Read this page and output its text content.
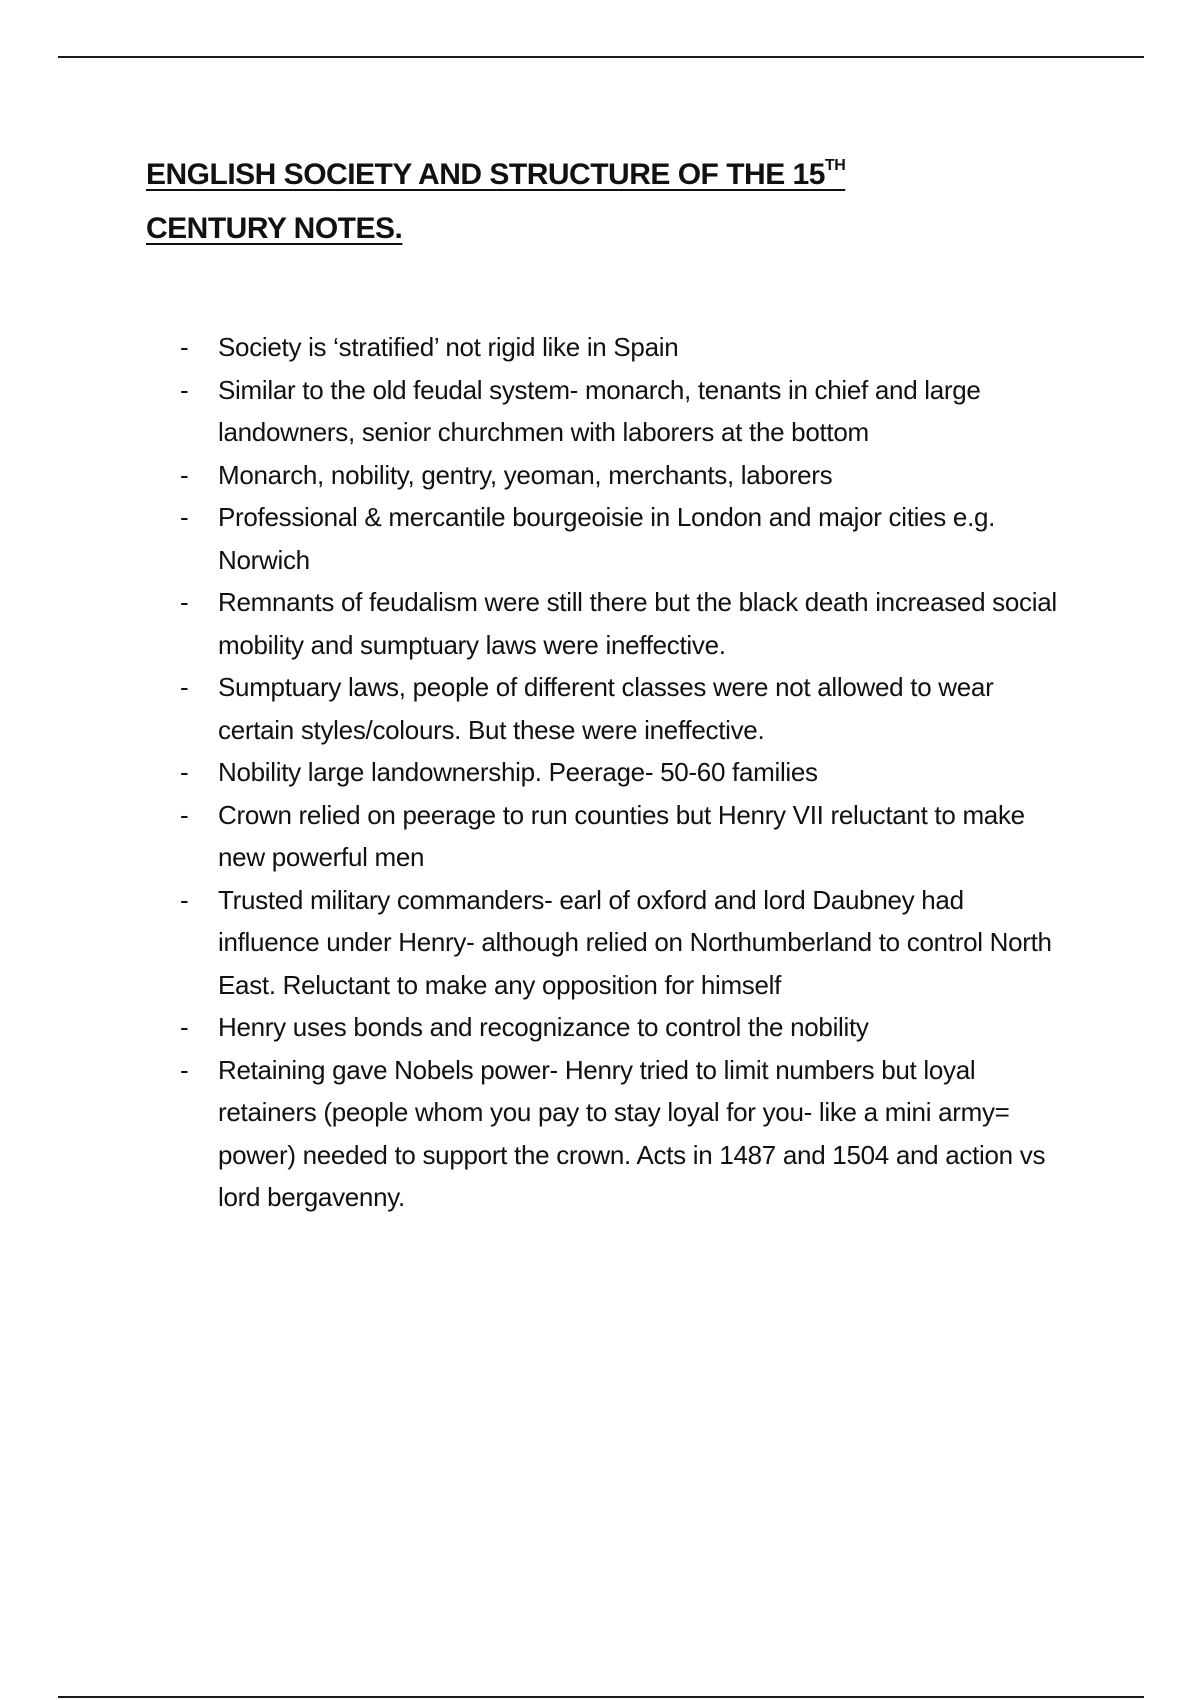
ENGLISH SOCIETY AND STRUCTURE OF THE 15TH
CENTURY NOTES.
-	Society is ‘stratified’ not rigid like in Spain
-	Similar to the old feudal system- monarch, tenants in chief and large landowners, senior churchmen with laborers at the bottom
-	Monarch, nobility, gentry, yeoman, merchants, laborers
-	Professional & mercantile bourgeoisie in London and major cities e.g. Norwich
-	Remnants of feudalism were still there but the black death increased social mobility and sumptuary laws were ineffective.
-	Sumptuary laws, people of different classes were not allowed to wear certain styles/colours. But these were ineffective.
-	Nobility large landownership. Peerage- 50-60 families
-	Crown relied on peerage to run counties but Henry VII reluctant to make new powerful men
-	Trusted military commanders- earl of oxford and lord Daubney had influence under Henry- although relied on Northumberland to control North East. Reluctant to make any opposition for himself
-	Henry uses bonds and recognizance to control the nobility
-	Retaining gave Nobels power- Henry tried to limit numbers but loyal retainers (people whom you pay to stay loyal for you- like a mini army= power) needed to support the crown. Acts in 1487 and 1504 and action vs lord bergavenny.
